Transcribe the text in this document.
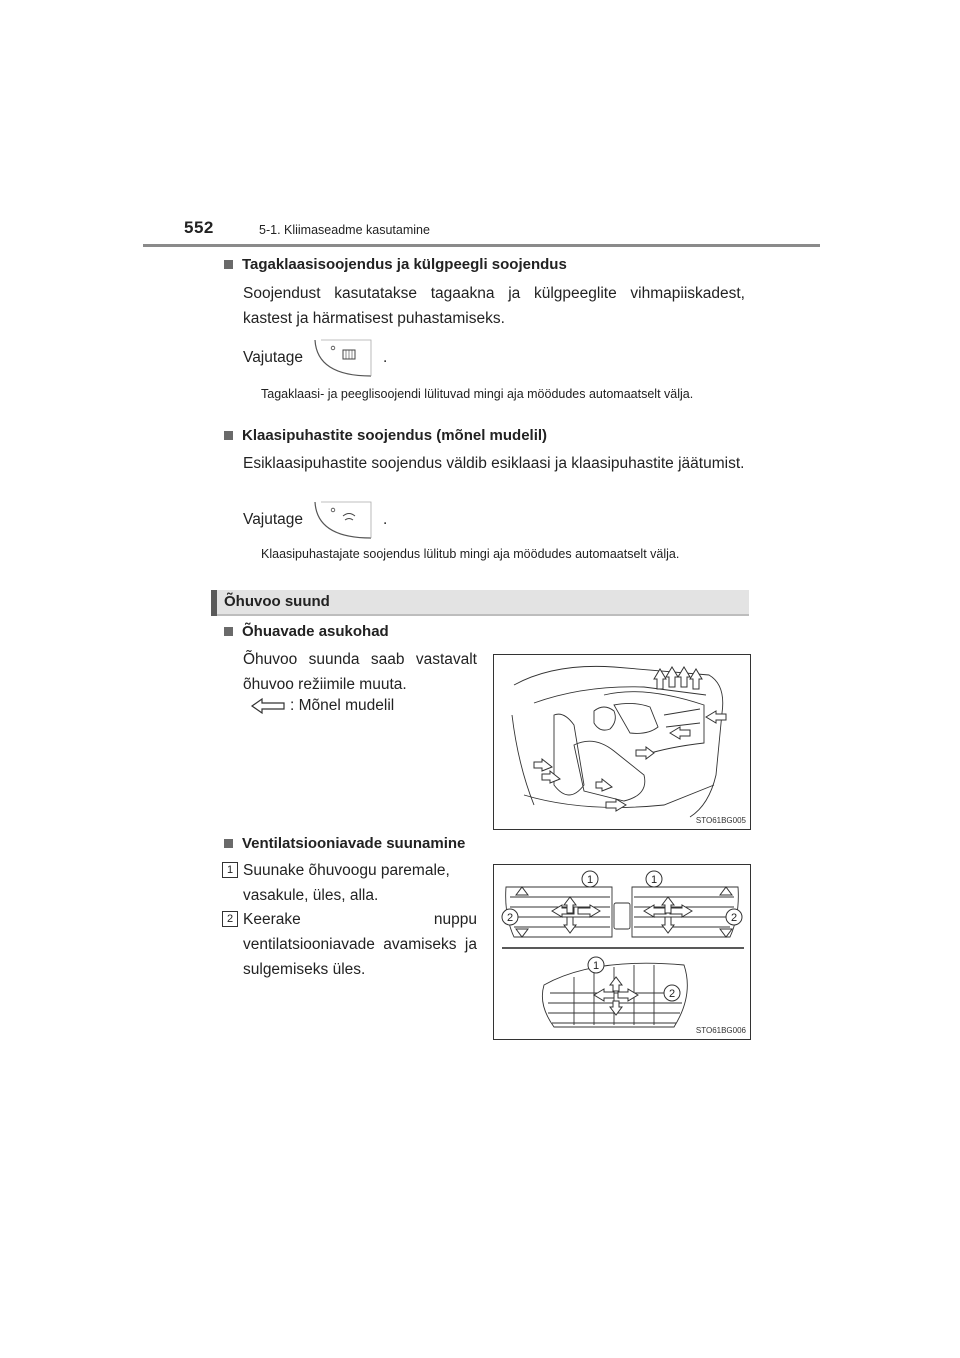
552	5-1. Kliimaseadme kasutamine
Tagaklaasisoojendus ja külgpeegli soojendus
Soojendust kasutatakse tagaakna ja külgpeeglite vihmapiiskadest, kastest ja härmatisest puhastamiseks.
Vajutage	.
Tagaklaasi- ja peeglisoojendi lülituvad mingi aja möödudes automaatselt välja.
Klaasipuhastite soojendus (mõnel mudelil)
Esiklaasipuhastite soojendus väldib esiklaasi ja klaasipuhastite jäätumist.
Vajutage	.
Klaasipuhastajate soojendus lülitub mingi aja möödudes automaatselt välja.
Õhuvoo suund
Õhuavade asukohad
Õhuvoo suunda saab vastavalt õhuvoo režiimile muuta.
: Mõnel mudelil
STO61BG005
Ventilatsiooniavade suunamine
1 Suunake õhuvoogu paremale, vasakule, üles, alla.
2 Keerake nuppu ventilatsiooniavade avamiseks ja sulgemiseks üles.
1	1
2	2
1
2
STO61BG006
